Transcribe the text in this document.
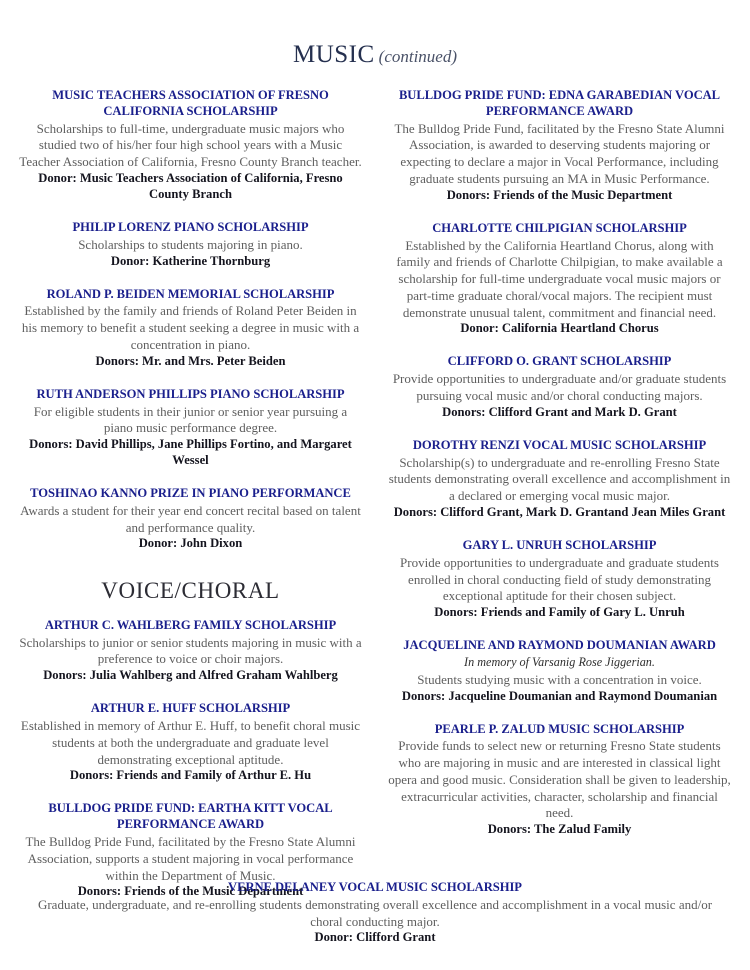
MUSIC (continued)
MUSIC TEACHERS ASSOCIATION OF FRESNO CALIFORNIA SCHOLARSHIP
Scholarships to full-time, undergraduate music majors who studied two of his/her four high school years with a Music Teacher Association of California, Fresno County Branch teacher.
Donor: Music Teachers Association of California, Fresno County Branch
PHILIP LORENZ PIANO SCHOLARSHIP
Scholarships to students majoring in piano.
Donor: Katherine Thornburg
ROLAND P. BEIDEN MEMORIAL SCHOLARSHIP
Established by the family and friends of Roland Peter Beiden in his memory to benefit a student seeking a degree in music with a concentration in piano.
Donors: Mr. and Mrs. Peter Beiden
RUTH ANDERSON PHILLIPS PIANO SCHOLARSHIP
For eligible students in their junior or senior year pursuing a piano music performance degree.
Donors: David Phillips, Jane Phillips Fortino, and Margaret Wessel
TOSHINAO KANNO PRIZE IN PIANO PERFORMANCE
Awards a student for their year end concert recital based on talent and performance quality.
Donor: John Dixon
VOICE/CHORAL
ARTHUR C. WAHLBERG FAMILY SCHOLARSHIP
Scholarships to junior or senior students majoring in music with a preference to voice or choir majors.
Donors: Julia Wahlberg and Alfred Graham Wahlberg
ARTHUR E. HUFF SCHOLARSHIP
Established in memory of Arthur E. Huff, to benefit choral music students at both the undergraduate and graduate level demonstrating exceptional aptitude.
Donors: Friends and Family of Arthur E. Hu
BULLDOG PRIDE FUND: EARTHA KITT VOCAL PERFORMANCE AWARD
The Bulldog Pride Fund, facilitated by the Fresno State Alumni Association, supports a student majoring in vocal performance within the Department of Music.
Donors: Friends of the Music Department
BULLDOG PRIDE FUND: EDNA GARABEDIAN VOCAL PERFORMANCE AWARD
The Bulldog Pride Fund, facilitated by the Fresno State Alumni Association, is awarded to deserving students majoring or expecting to declare a major in Vocal Performance, including graduate students pursuing an MA in Music Performance.
Donors: Friends of the Music Department
CHARLOTTE CHILPIGIAN SCHOLARSHIP
Established by the California Heartland Chorus, along with family and friends of Charlotte Chilpigian, to make available a scholarship for full-time undergraduate vocal music majors or part-time graduate choral/vocal majors. The recipient must demonstrate unusual talent, commitment and financial need.
Donor: California Heartland Chorus
CLIFFORD O. GRANT SCHOLARSHIP
Provide opportunities to undergraduate and/or graduate students pursuing vocal music and/or choral conducting majors.
Donors: Clifford Grant and Mark D. Grant
DOROTHY RENZI VOCAL MUSIC SCHOLARSHIP
Scholarship(s) to undergraduate and re-enrolling Fresno State students demonstrating overall excellence and accomplishment in a declared or emerging vocal music major.
Donors: Clifford Grant, Mark D. Grantand Jean Miles Grant
GARY L. UNRUH SCHOLARSHIP
Provide opportunities to undergraduate and graduate students enrolled in choral conducting field of study demonstrating exceptional aptitude for their chosen subject.
Donors: Friends and Family of Gary L. Unruh
JACQUELINE AND RAYMOND DOUMANIAN AWARD
In memory of Varsanig Rose Jiggerian.
Students studying music with a concentration in voice.
Donors: Jacqueline Doumanian and Raymond Doumanian
PEARLE P. ZALUD MUSIC SCHOLARSHIP
Provide funds to select new or returning Fresno State students who are majoring in music and are interested in classical light opera and good music. Consideration shall be given to leadership, extracurricular activities, character, scholarship and financial need.
Donors: The Zalud Family
VERNE DELANEY VOCAL MUSIC SCHOLARSHIP
Graduate, undergraduate, and re-enrolling students demonstrating overall excellence and accomplishment in a vocal music and/or choral conducting major.
Donor: Clifford Grant
